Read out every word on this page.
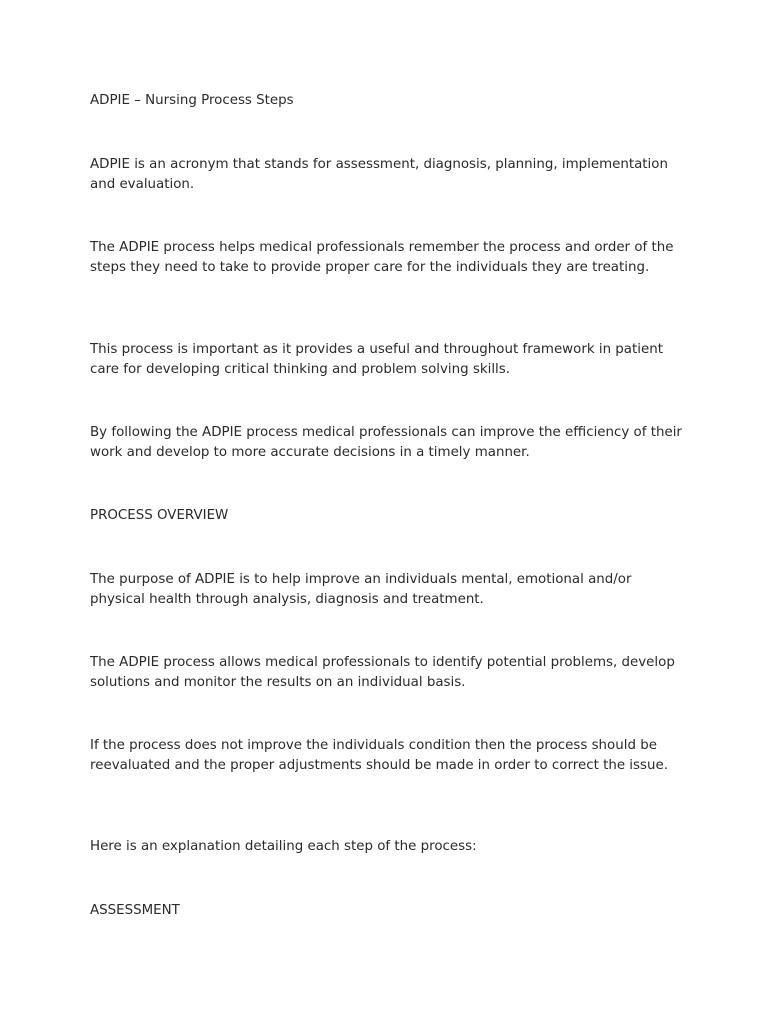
ADPIE – Nursing Process Steps

ADPIE is an acronym that stands for assessment, diagnosis, planning, implementation and evaluation.

The ADPIE process helps medical professionals remember the process and order of the steps they need to take to provide proper care for the individuals they are treating.

This process is important as it provides a useful and throughout framework in patient care for developing critical thinking and problem solving skills.

By following the ADPIE process medical professionals can improve the efficiency of their work and develop to more accurate decisions in a timely manner.

PROCESS OVERVIEW

The purpose of ADPIE is to help improve an individuals mental, emotional and/or physical health through analysis, diagnosis and treatment.

The ADPIE process allows medical professionals to identify potential problems, develop solutions and monitor the results on an individual basis.

If the process does not improve the individuals condition then the process should be reevaluated and the proper adjustments should be made in order to correct the issue.

Here is an explanation detailing each step of the process:

ASSESSMENT
